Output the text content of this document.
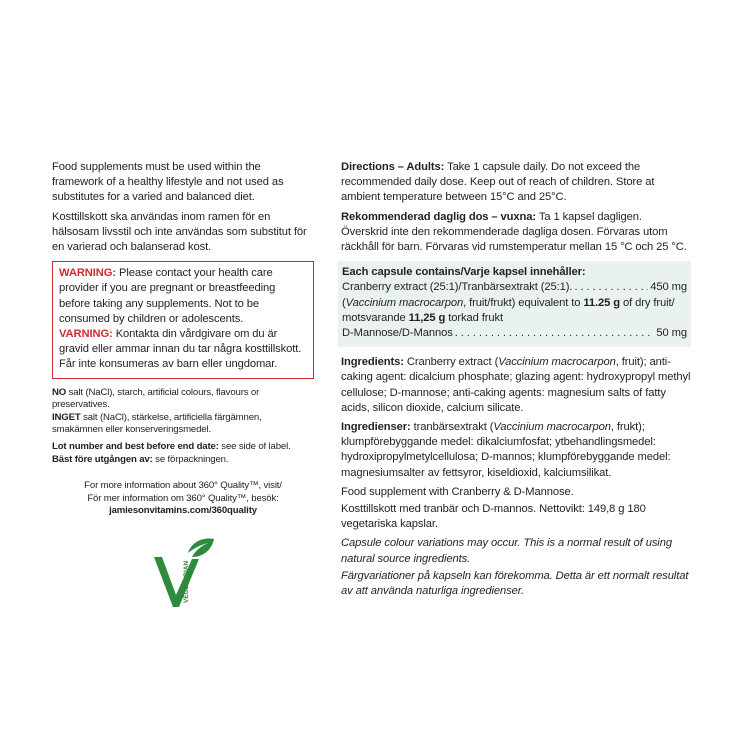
Food supplements must be used within the framework of a healthy lifestyle and not used as substitutes for a varied and balanced diet.

Kosttillskott ska användas inom ramen för en hälsosam livsstil och inte användas som substitut för en varierad och balanserad kost.

WARNING: Please contact your health care provider if you are pregnant or breastfeeding before taking any supplements. Not to be consumed by children or adolescents.

VARNING: Kontakta din vårdgivare om du är gravid eller ammar innan du tar några kosttillskott. Får inte konsumeras av barn eller ungdomar.

NO salt (NaCl), starch, artificial colours, flavours or preservatives.

INGET salt (NaCl), stärkelse, artificiella färgämnen, smakämnen eller konserveringsmedel.

Lot number and best before end date: see side of label.

Bäst före utgången av: se förpackningen.

For more information about 360° Quality™, visit/

För mer information om 360° Quality™, besök:

jamiesonvitamins.com/360quality

VEGETARIAN

Directions – Adults: Take 1 capsule daily. Do not exceed the recommended daily dose. Keep out of reach of children. Store at ambient temperature between 15°C and 25°C.

Rekommenderad daglig dos – vuxna: Ta 1 kapsel dagligen. Överskrid inte den rekommenderade dagliga dosen. Förvaras utom räckhåll för barn. Förvaras vid rumstemperatur mellan 15 °C och 25 °C.

Each capsule contains/Varje kapsel innehåller:

Cranberry extract (25:1)/Tranbärsextrakt (25:1). . . .	450 mg

(Vaccinium macrocarpon, fruit/frukt) equivalent to 11.25 g of dry fruit/ motsvarande 11,25 g torkad frukt

D-Mannose/D-Mannos . . .	50 mg

Ingredients: Cranberry extract (Vaccinium macrocarpon, fruit); anti-caking agent: dicalcium phosphate; glazing agent: hydroxypropyl methyl cellulose; D-mannose; anti-caking agents: magnesium salts of fatty acids, silicon dioxide, calcium silicate.

Ingredienser: tranbärsextrakt (Vaccinium macrocarpon, frukt); klumpförebyggande medel: dikalciumfosfat; ytbehandlingsmedel: hydroxipropylmetylcellulosa; D-mannos; klumpförebyggande medel: magnesiumsalter av fettsyror, kiseldioxid, kalciumsilikat.

Food supplement with Cranberry & D-Mannose.

Kosttillskott med tranbär och D-mannos. Nettovikt: 149,8 g 180 vegetariska kapslar.

Capsule colour variations may occur. This is a normal result of using natural source ingredients.

Färgvariationer på kapseln kan förekomma. Detta är ett normalt resultat av att använda naturliga ingredienser.
